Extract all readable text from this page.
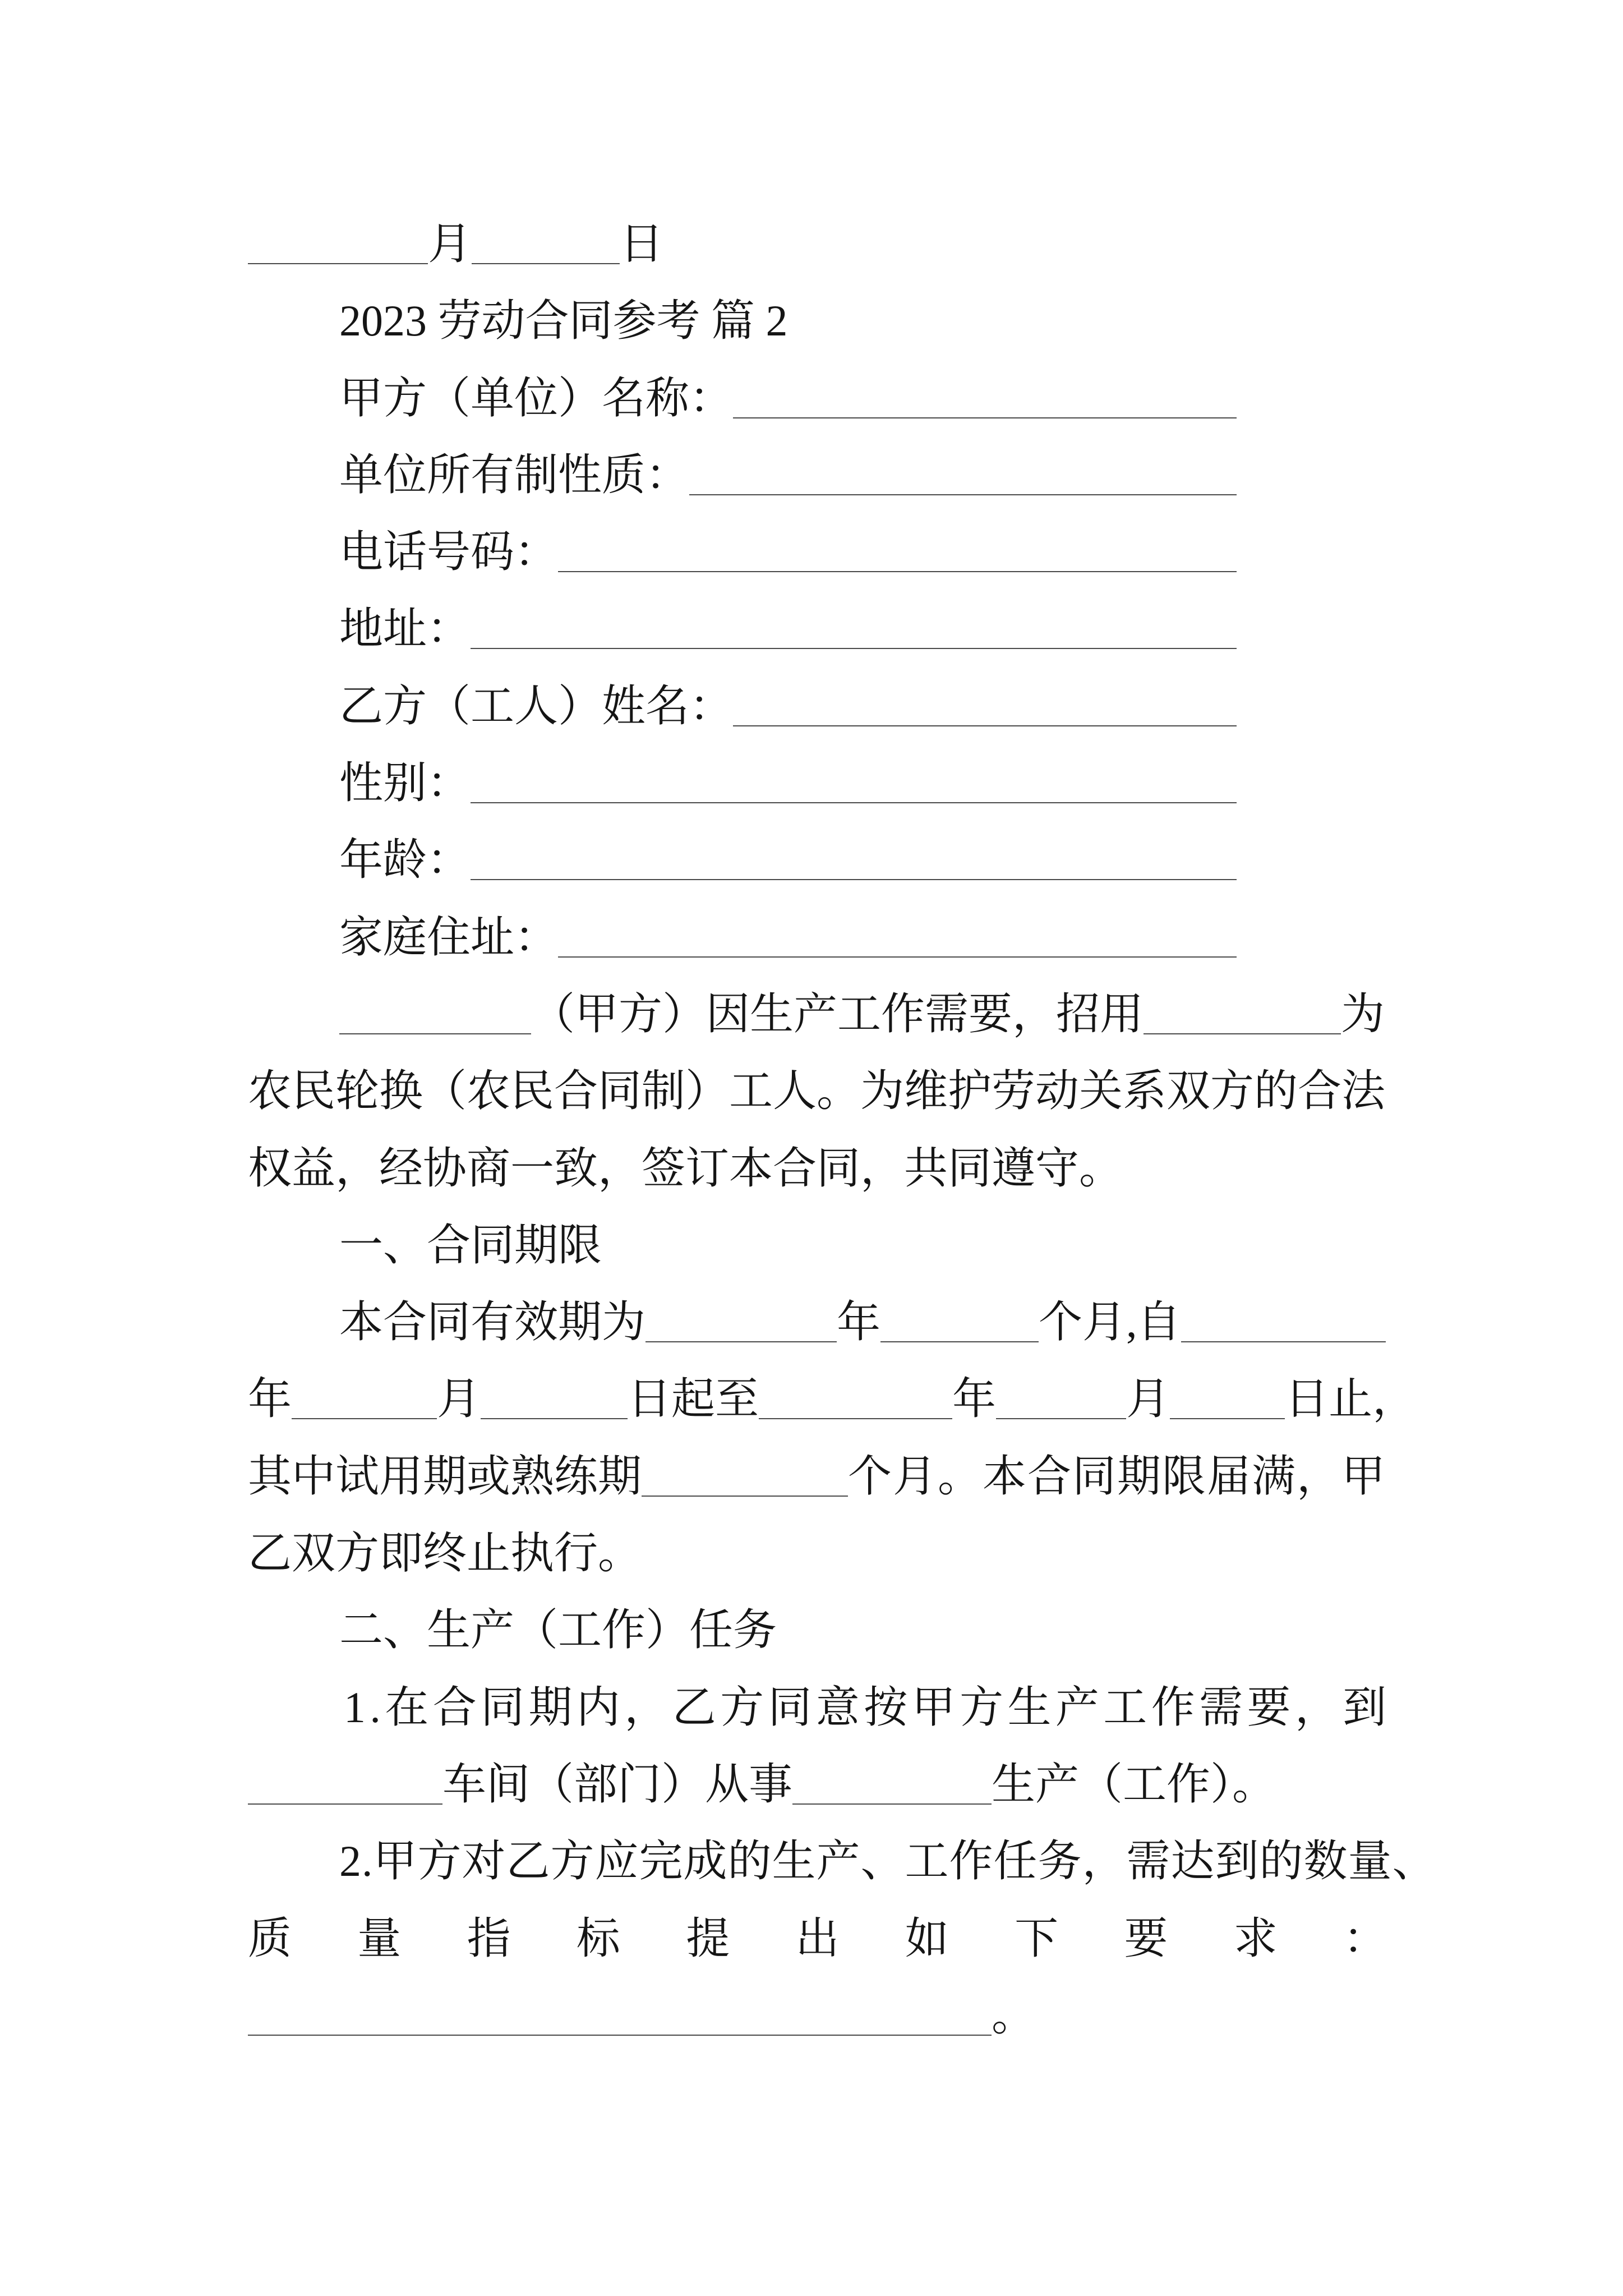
月	日
2023 劳动合同参考 篇 2
甲方（单位）名称：
单位所有制性质：
电话号码：
地址：
乙方（工人）姓名：
性别：
年龄：
家庭住址：
（甲方）因生产工作需要，招用	为
农民轮换（农民合同制）工人。为维护劳动关系双方的合法
权益，经协商一致，签订本合同，共同遵守。
一、合同期限
本合同有效期为	年	个月,自
年	月	日起至	年	月	日止，
其中试用期或熟练期	个月。本合同期限届满，甲
乙双方即终止执行。
二、生产（工作）任务
1.在合同期内，乙方同意按甲方生产工作需要，到
车间（部门）从事	生产（工作）。
2.甲方对乙方应完成的生产、工作任务，需达到的数量、
质量指标提出如下要求：
。
